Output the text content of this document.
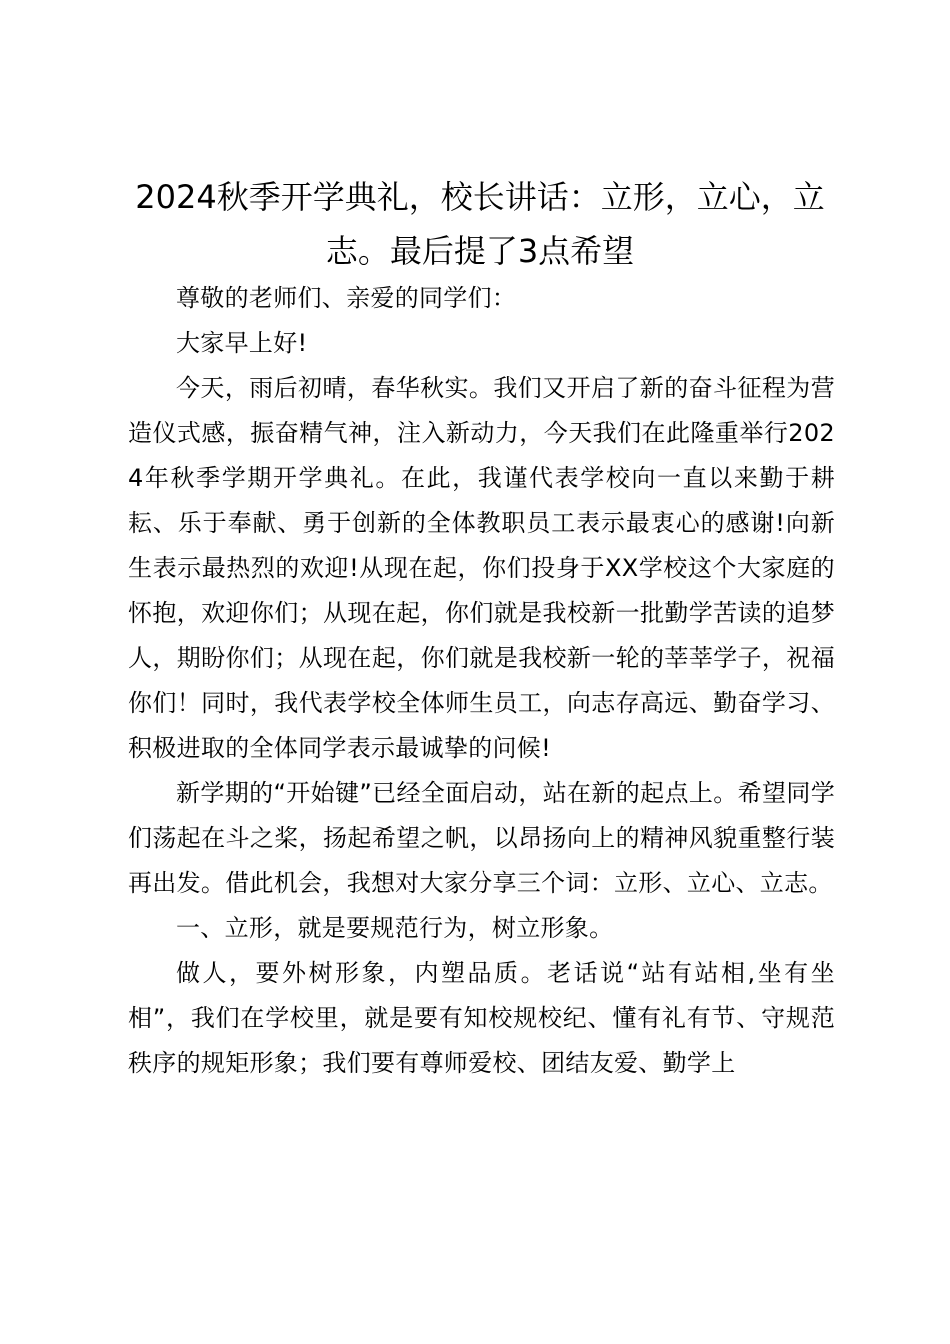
2024秋季开学典礼，校长讲话：立形，立心，立志。最后提了3点希望

尊敬的老师们、亲爱的同学们：

大家早上好!

今天，雨后初晴，春华秋实。我们又开启了新的奋斗征程为营造仪式感，振奋精气神，注入新动力，今天我们在此隆重举行2024年秋季学期开学典礼。在此，我谨代表学校向一直以来勤于耕耘、乐于奉献、勇于创新的全体教职员工表示最衷心的感谢!向新生表示最热烈的欢迎!从现在起，你们投身于XX学校这个大家庭的怀抱，欢迎你们；从现在起，你们就是我校新一批勤学苦读的追梦人，期盼你们；从现在起，你们就是我校新一轮的莘莘学子，祝福你们！同时，我代表学校全体师生员工，向志存高远、勤奋学习、积极进取的全体同学表示最诚挚的问候!

新学期的“开始键”已经全面启动，站在新的起点上。希望同学们荡起在斗之桨，扬起希望之帆，以昂扬向上的精神风貌重整行装再出发。借此机会，我想对大家分享三个词：立形、立心、立志。

一、立形，就是要规范行为，树立形象。

做人，要外树形象，内塑品质。老话说“站有站相,坐有坐相”，我们在学校里，就是要有知校规校纪、懂有礼有节、守规范秩序的规矩形象；我们要有尊师爱校、团结友爱、勤学上
